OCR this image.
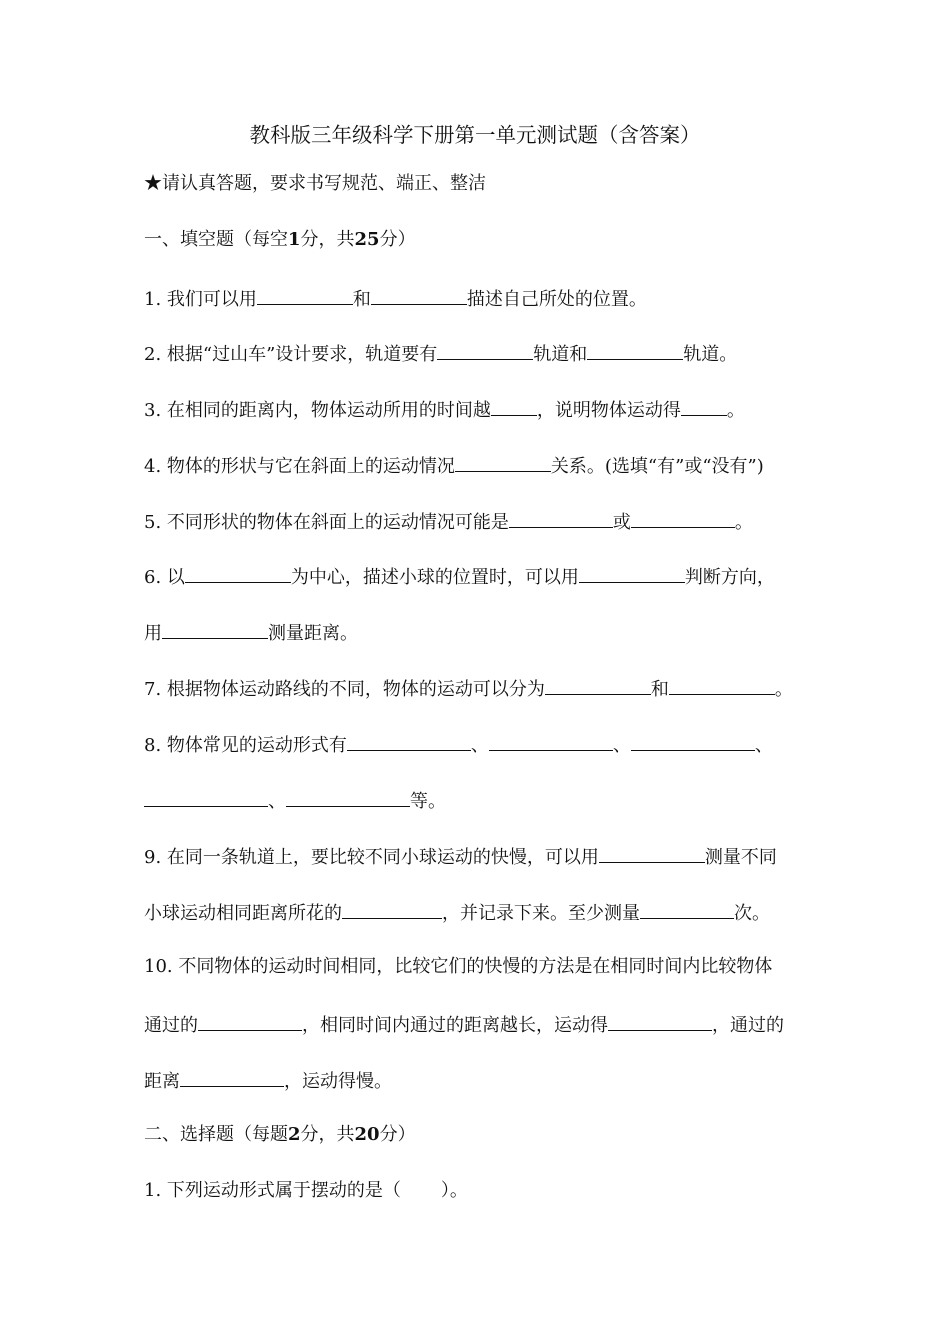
教科版三年级科学下册第一单元测试题（含答案）
★请认真答题，要求书写规范、端正、整洁
一、填空题（每空1分，共25分）
1. 我们可以用	和	描述自己所处的位置。
2. 根据“过山车”设计要求，轨道要有	轨道和	轨道。
3. 在相同的距离内，物体运动所用的时间越	，说明物体运动得	。
4. 物体的形状与它在斜面上的运动情况	关系。(选填“有”或“没有”)
5. 不同形状的物体在斜面上的运动情况可能是	或	。
6. 以	为中心，描述小球的位置时，可以用	判断方向，
用	测量距离。
7. 根据物体运动路线的不同，物体的运动可以分为	和	。
8. 物体常见的运动形式有	、	、	、
、	等。
9. 在同一条轨道上，要比较不同小球运动的快慢，可以用	测量不同
小球运动相同距离所花的	，并记录下来。至少测量	次。
10. 不同物体的运动时间相同，比较它们的快慢的方法是在相同时间内比较物体
通过的	，相同时间内通过的距离越长，运动得	，通过的
距离	，运动得慢。
二、选择题（每题2分，共20分）
1. 下列运动形式属于摆动的是（ ）。
